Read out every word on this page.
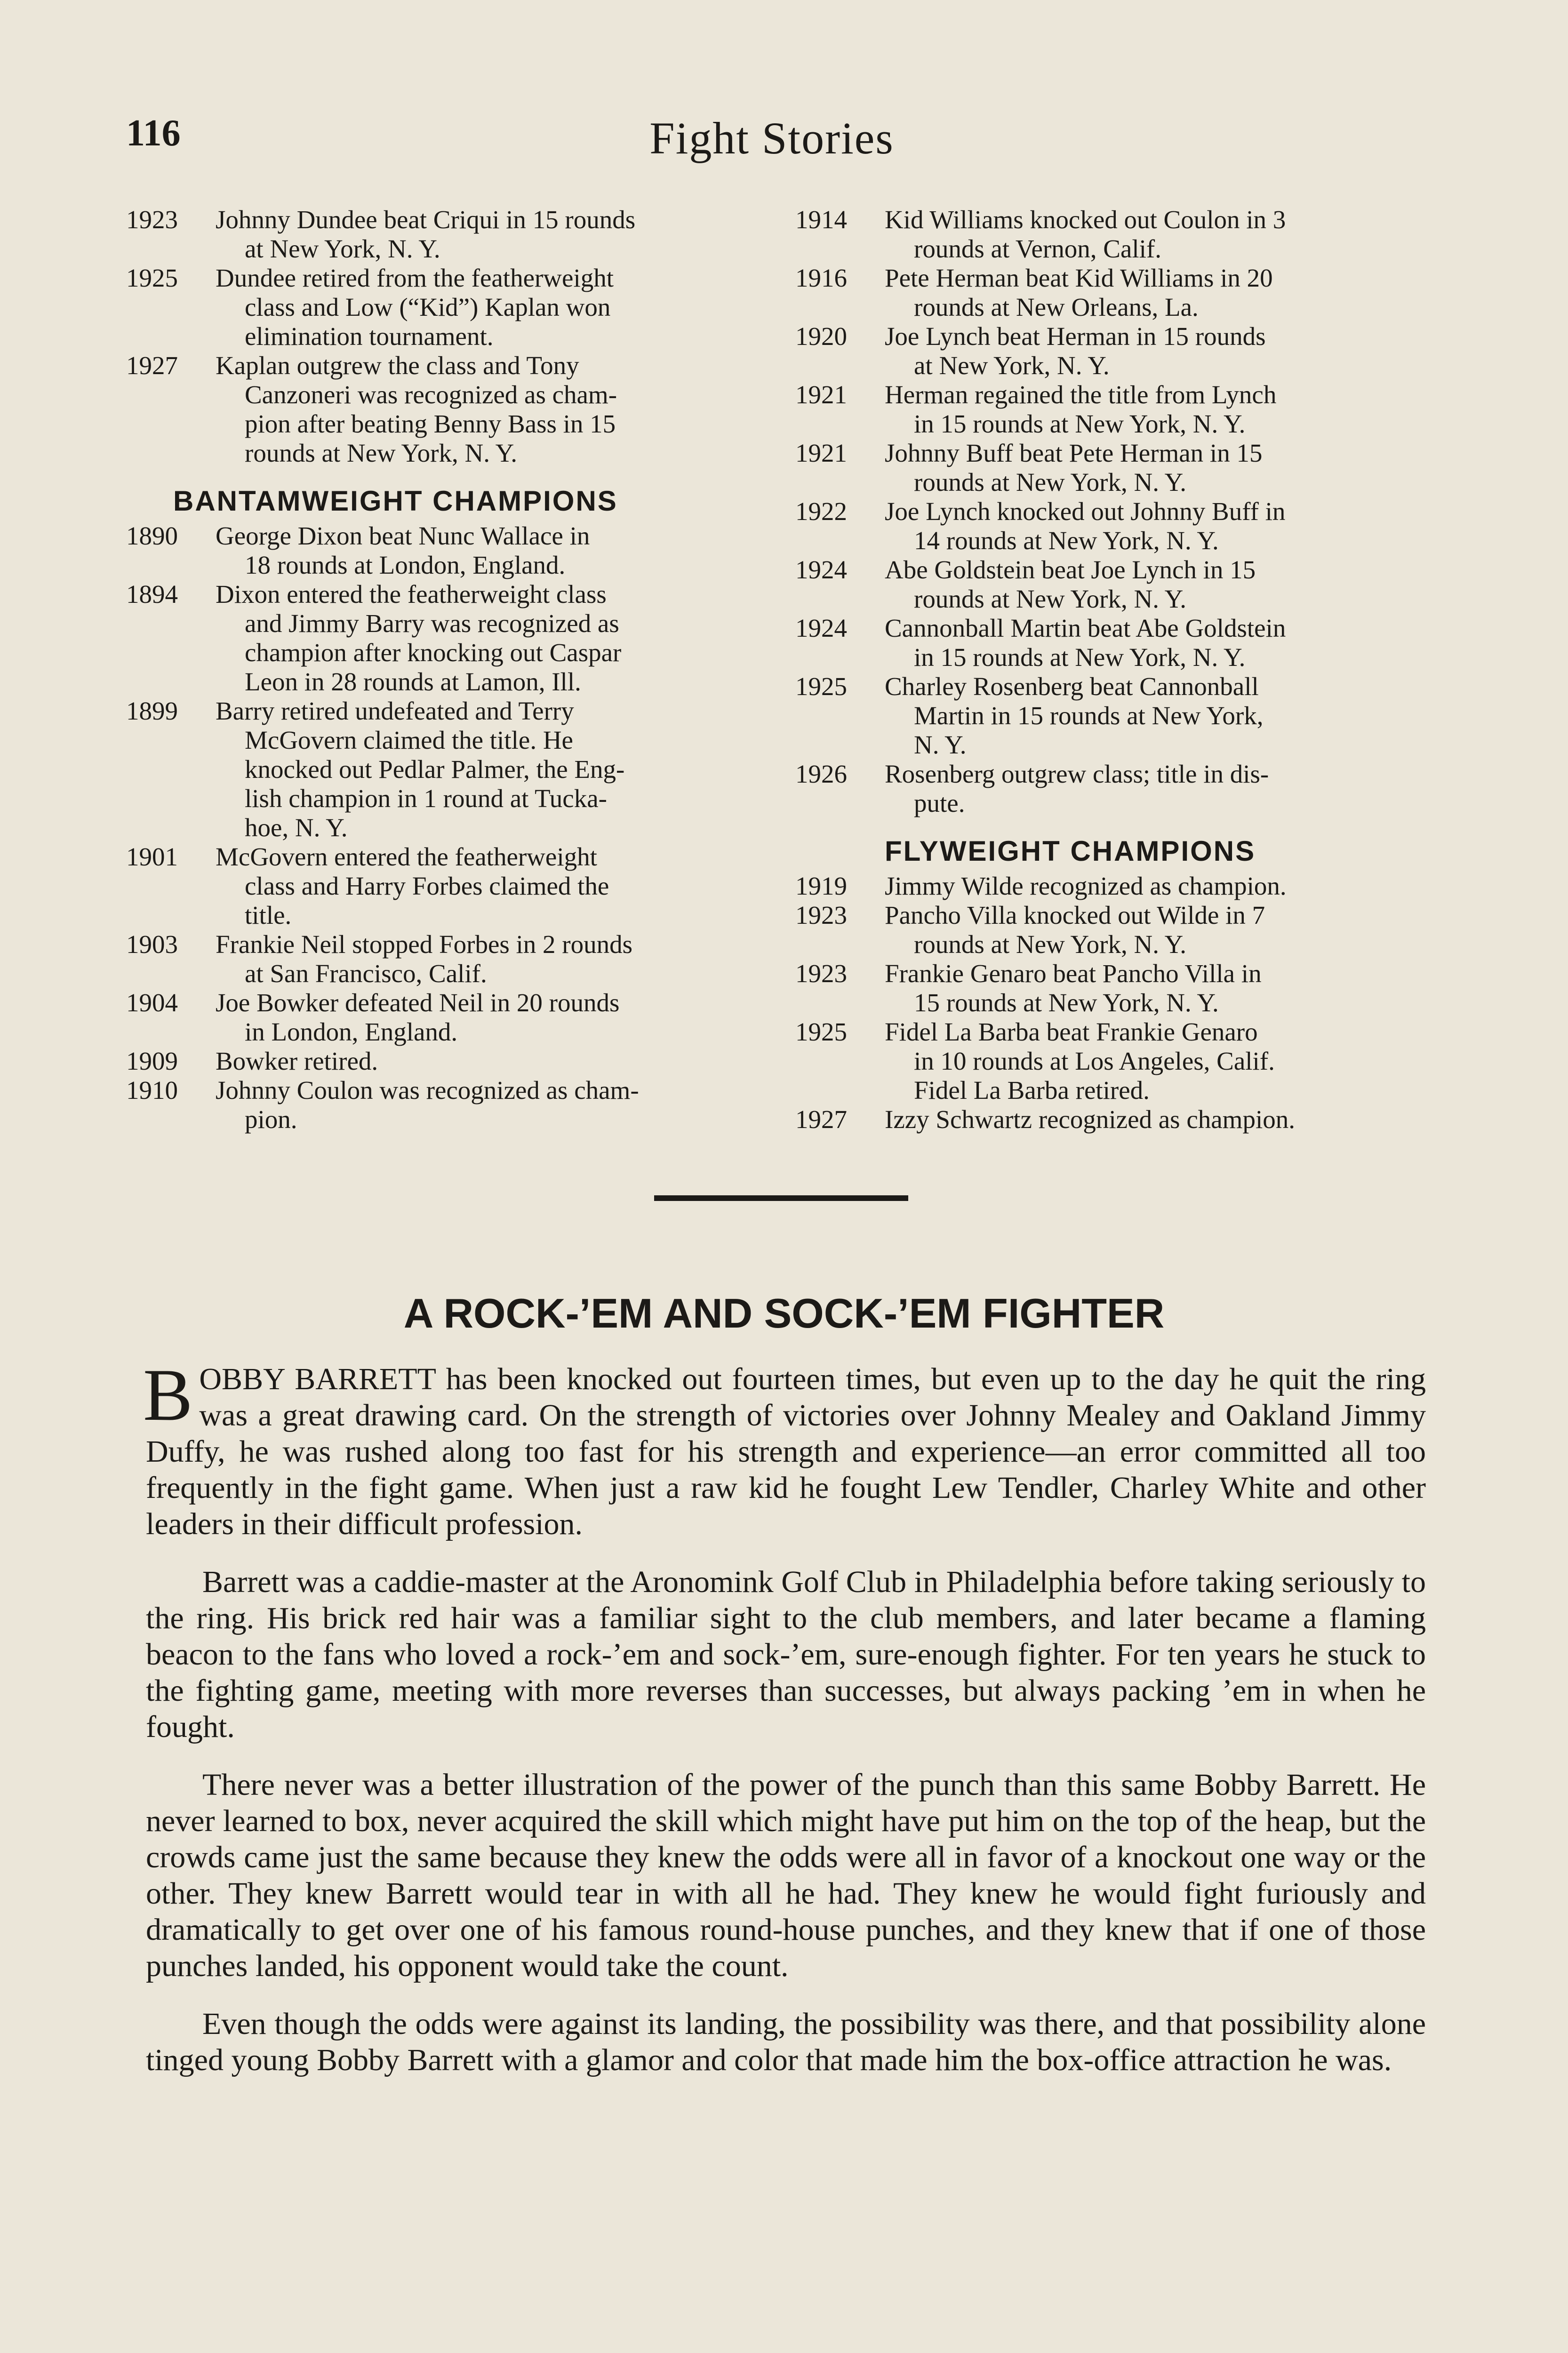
116	Fight Stories
1923	Johnny Dundee beat Criqui in 15 rounds
at New York, N. Y.
1925	Dundee retired from the featherweight
class and Low (“Kid”) Kaplan won
elimination tournament.
1927	Kaplan outgrew the class and Tony
Canzoneri was recognized as cham-
pion after beating Benny Bass in 15
rounds at New York, N. Y.
BANTAMWEIGHT CHAMPIONS
1890	George Dixon beat Nunc Wallace in
18 rounds at London, England.
1894	Dixon entered the featherweight class
and Jimmy Barry was recognized as
champion after knocking out Caspar
Leon in 28 rounds at Lamon, Ill.
1899	Barry retired undefeated and Terry
McGovern claimed the title. He
knocked out Pedlar Palmer, the Eng-
lish champion in 1 round at Tucka-
hoe, N. Y.
1901	McGovern entered the featherweight
class and Harry Forbes claimed the
title.
1903	Frankie Neil stopped Forbes in 2 rounds
at San Francisco, Calif.
1904	Joe Bowker defeated Neil in 20 rounds
in London, England.
1909	Bowker retired.
1910	Johnny Coulon was recognized as cham-
pion.
1914	Kid Williams knocked out Coulon in 3
rounds at Vernon, Calif.
1916	Pete Herman beat Kid Williams in 20
rounds at New Orleans, La.
1920	Joe Lynch beat Herman in 15 rounds
at New York, N. Y.
1921	Herman regained the title from Lynch
in 15 rounds at New York, N. Y.
1921	Johnny Buff beat Pete Herman in 15
rounds at New York, N. Y.
1922	Joe Lynch knocked out Johnny Buff in
14 rounds at New York, N. Y.
1924	Abe Goldstein beat Joe Lynch in 15
rounds at New York, N. Y.
1924	Cannonball Martin beat Abe Goldstein
in 15 rounds at New York, N. Y.
1925	Charley Rosenberg beat Cannonball
Martin in 15 rounds at New York,
N. Y.
1926	Rosenberg outgrew class; title in dis-
pute.
FLYWEIGHT CHAMPIONS
1919	Jimmy Wilde recognized as champion.
1923	Pancho Villa knocked out Wilde in 7
rounds at New York, N. Y.
1923	Frankie Genaro beat Pancho Villa in
15 rounds at New York, N. Y.
1925	Fidel La Barba beat Frankie Genaro
in 10 rounds at Los Angeles, Calif.
Fidel La Barba retired.
1927	Izzy Schwartz recognized as champion.
A ROCK-’EM AND SOCK-’EM FIGHTER

BOBBY BARRETT has been knocked out fourteen times, but even up to the day he quit the ring was a great drawing card. On the strength of victories over Johnny Mealey and Oakland Jimmy Duffy, he was rushed along too fast for his strength and experience—an error committed all too frequently in the fight game. When just a raw kid he fought Lew Tendler, Charley White and other leaders in their difficult profession.

Barrett was a caddie-master at the Aronomink Golf Club in Philadelphia before taking seriously to the ring. His brick red hair was a familiar sight to the club members, and later became a flaming beacon to the fans who loved a rock-’em and sock-’em, sure-enough fighter. For ten years he stuck to the fighting game, meeting with more reverses than successes, but always packing ’em in when he fought.

There never was a better illustration of the power of the punch than this same Bobby Barrett. He never learned to box, never acquired the skill which might have put him on the top of the heap, but the crowds came just the same because they knew the odds were all in favor of a knockout one way or the other. They knew Barrett would tear in with all he had. They knew he would fight furiously and dramatically to get over one of his famous round-house punches, and they knew that if one of those punches landed, his opponent would take the count.

Even though the odds were against its landing, the possibility was there, and that possibility alone tinged young Bobby Barrett with a glamor and color that made him the box-office attraction he was.
